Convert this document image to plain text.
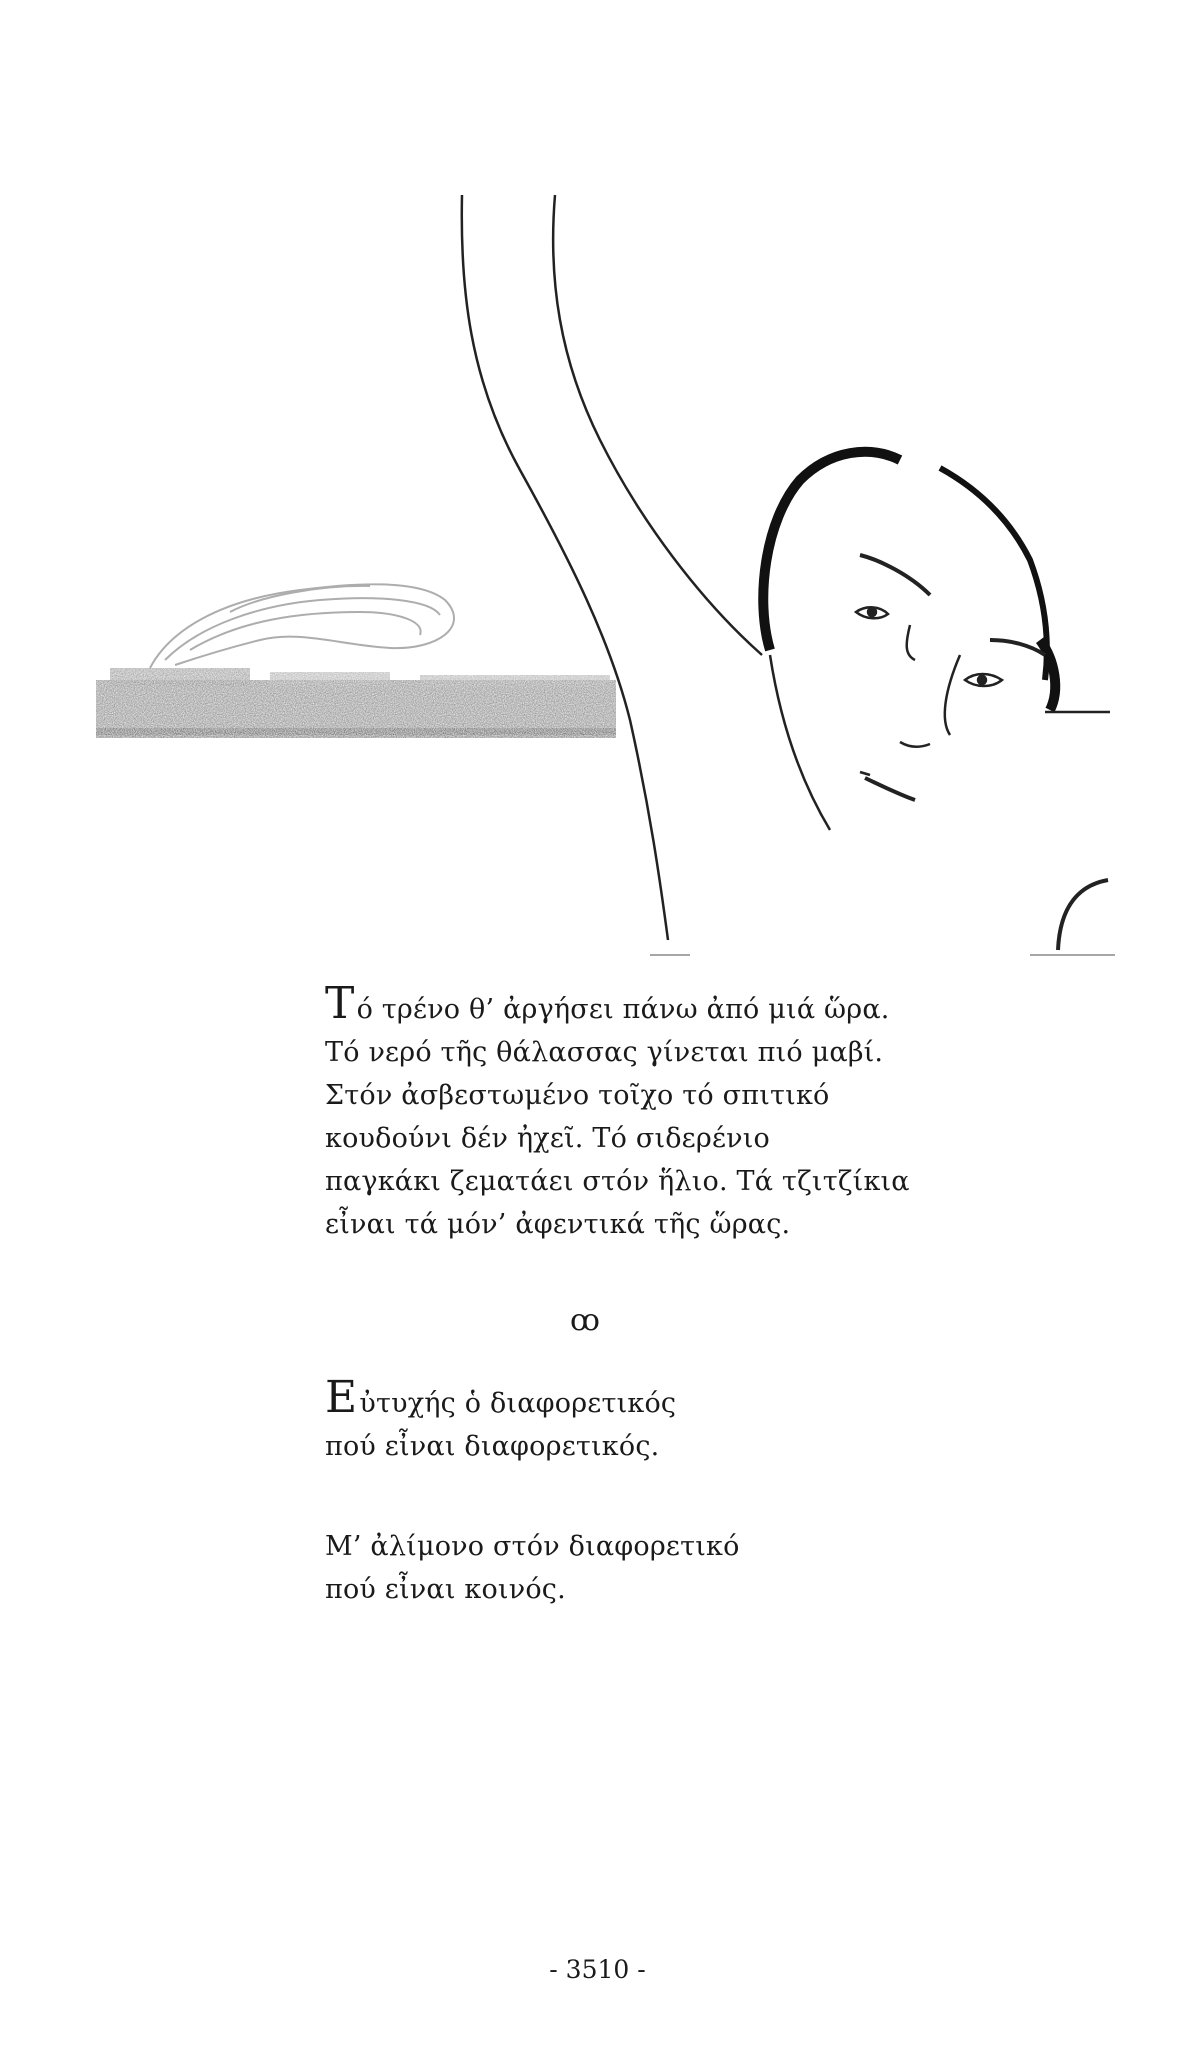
Tό τρένο θ’ ἀργήσει πάνω ἀπό μιά ὥρα.
Τό νερό τῆς θάλασσας γίνεται πιό μαβί.
Στόν ἀσβεστωμένο τοῖχο τό σπιτικό
κουδούνι δέν ἠχεῖ. Τό σιδερένιο
παγκάκι ζεματάει στόν ἥλιο. Τά τζιτζίκια
εἶναι τά μόν’ ἀφεντικά τῆς ὥρας.
ꝏ
Eὐτυχής ὁ διαφορετικός
πού εἶναι διαφορετικός.
Μ’ ἀλίμονο στόν διαφορετικό
πού εἶναι κοινός.
- 3510 -
